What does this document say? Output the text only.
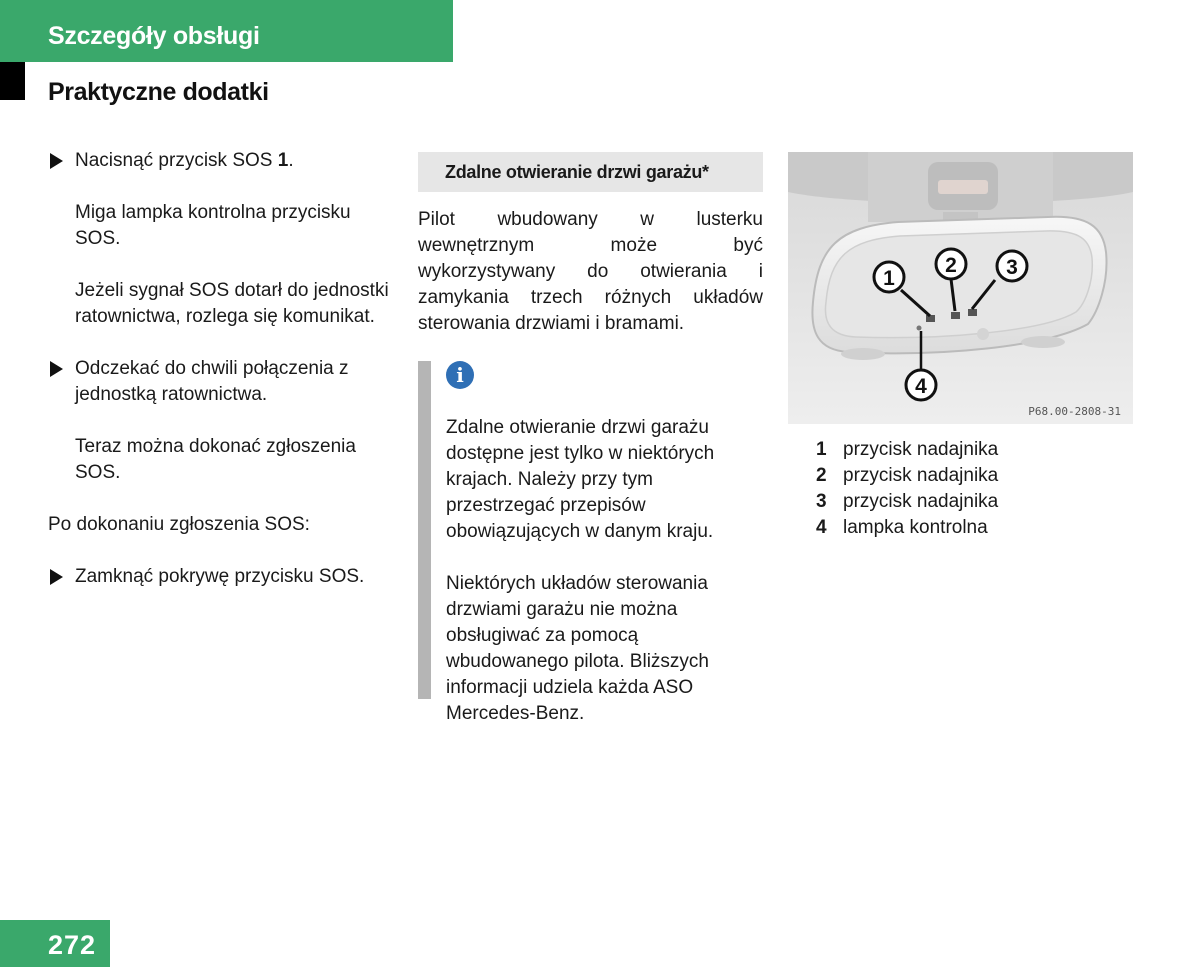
Szczegóły obsługi
Praktyczne dodatki

Nacisnąć przycisk SOS 1.

Miga lampka kontrolna przycisku SOS.

Jeżeli sygnał SOS dotarł do jednostki ratownictwa, rozlega się komunikat.

Odczekać do chwili połączenia z jednostką ratownictwa.

Teraz można dokonać zgłoszenia SOS.

Po dokonaniu zgłoszenia SOS:

Zamknąć pokrywę przycisku SOS.

Zdalne otwieranie drzwi garażu*

Pilot wbudowany w lusterku wewnętrznym może być wykorzystywany do otwierania i zamykania trzech różnych układów sterowania drzwiami i bramami.

i

Zdalne otwieranie drzwi garażu dostępne jest tylko w niektórych krajach. Należy przy tym przestrzegać przepisów obowiązujących w danym kraju.

Niektórych układów sterowania drzwiami garażu nie można obsługiwać za pomocą wbudowanego pilota. Bliższych informacji udziela każda ASO Mercedes-Benz.

1
2 3
4
P68.00-2808-31
1 przycisk nadajnika
2 przycisk nadajnika
3 przycisk nadajnika
4 lampka kontrolna
272
